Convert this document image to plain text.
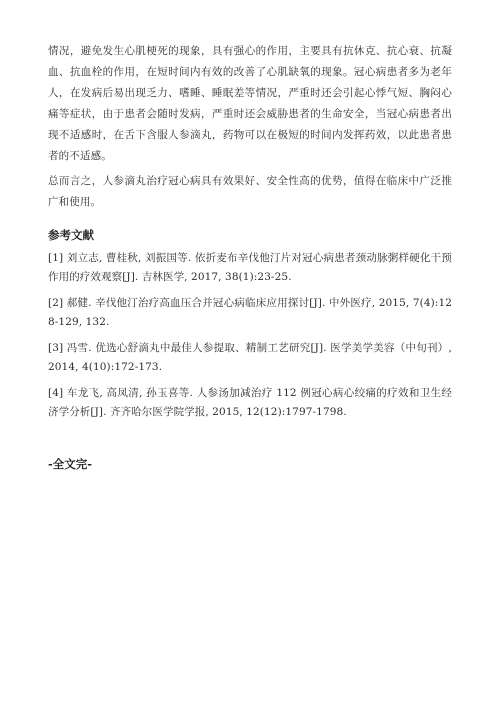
情况，避免发生心肌梗死的现象，具有强心的作用，主要具有抗休克、抗心衰、抗凝血、抗血栓的作用，在短时间内有效的改善了心肌缺氧的现象。冠心病患者多为老年人，在发病后易出现乏力、嗜睡、睡眠差等情况，严重时还会引起心悸气短、胸闷心痛等症状，由于患者会随时发病，严重时还会威胁患者的生命安全，当冠心病患者出现不适感时，在舌下含服人参滴丸，药物可以在极短的时间内发挥药效，以此患者患者的不适感。

总而言之，人参滴丸治疗冠心病具有效果好、安全性高的优势，值得在临床中广泛推广和使用。

参考文献

[1] 刘立志, 曹桂秋, 刘振国等. 依折麦布辛伐他汀片对冠心病患者颈动脉粥样硬化干预作用的疗效观察[J]. 吉林医学, 2017, 38(1):23-25.

[2] 郝健. 辛伐他汀治疗高血压合并冠心病临床应用探讨[J]. 中外医疗, 2015, 7(4):128-129, 132.

[3] 冯雪. 优选心舒滴丸中最佳人参提取、精制工艺研究[J]. 医学美学美容（中旬刊）, 2014, 4(10):172-173.

[4] 车龙飞, 高凤清, 孙玉喜等. 人参汤加减治疗 112 例冠心病心绞痛的疗效和卫生经济学分析[J]. 齐齐哈尔医学院学报, 2015, 12(12):1797-1798.

-全文完-
